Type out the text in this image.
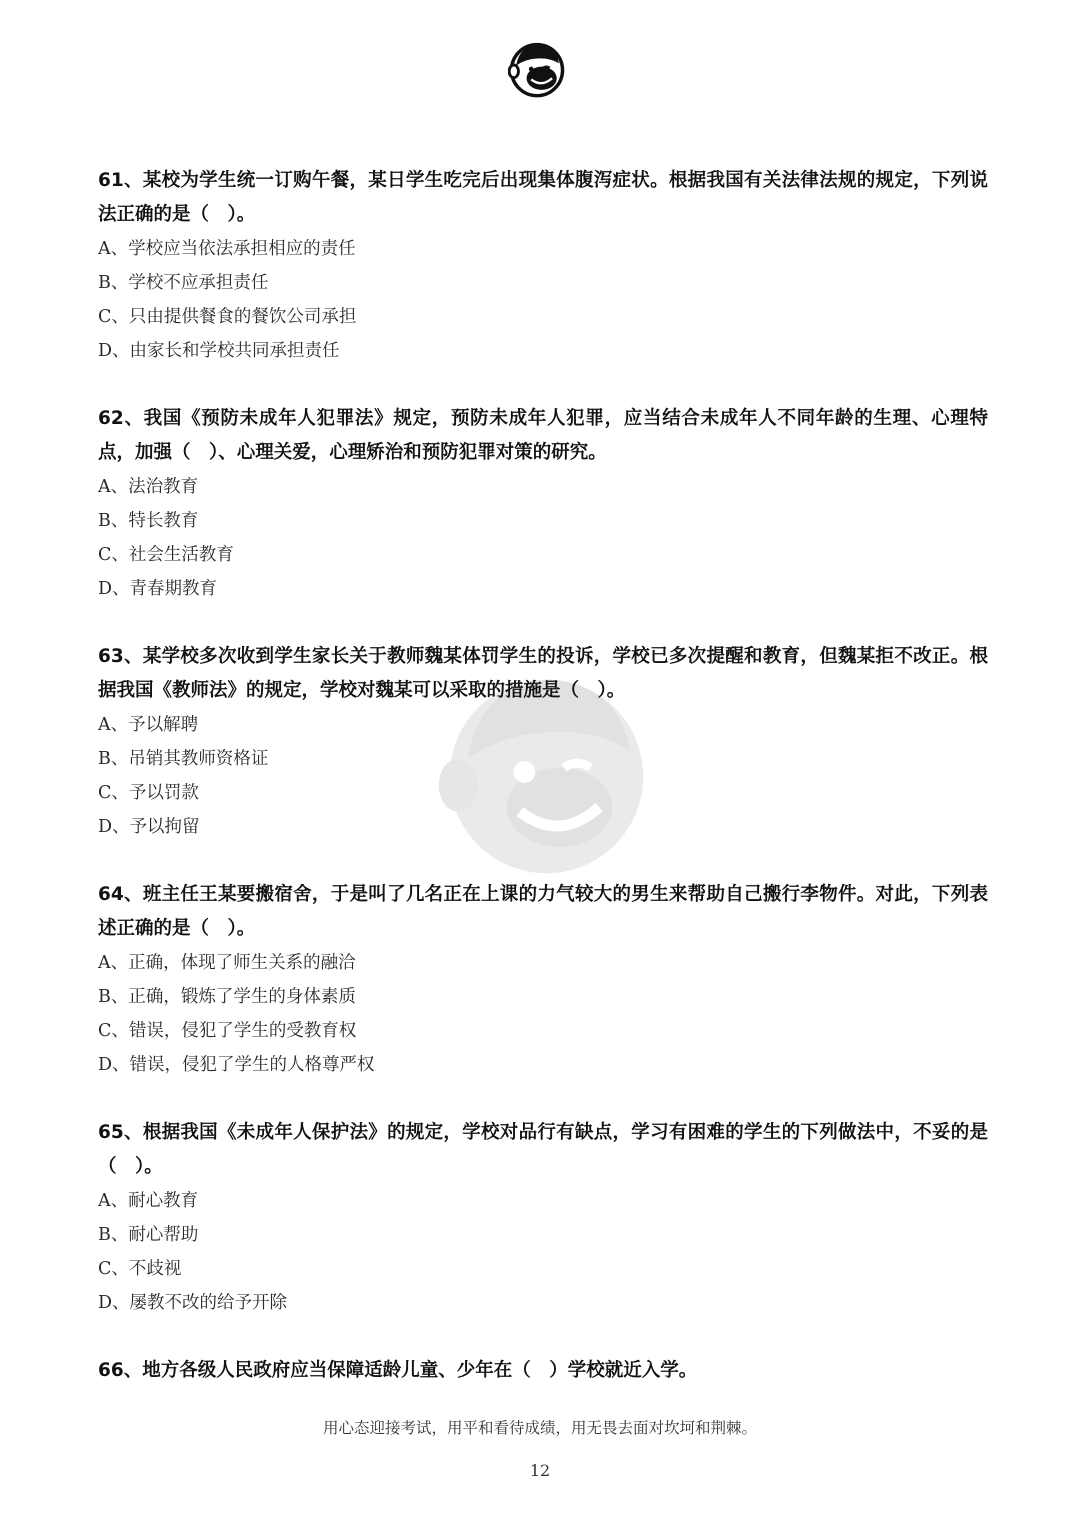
61、某校为学生统一订购午餐，某日学生吃完后出现集体腹泻症状。根据我国有关法律法规的规定，下列说法正确的是（　）。
A、学校应当依法承担相应的责任
B、学校不应承担责任
C、只由提供餐食的餐饮公司承担
D、由家长和学校共同承担责任
62、我国《预防未成年人犯罪法》规定，预防未成年人犯罪，应当结合未成年人不同年龄的生理、心理特点，加强（　）、心理关爱，心理矫治和预防犯罪对策的研究。
A、法治教育
B、特长教育
C、社会生活教育
D、青春期教育
63、某学校多次收到学生家长关于教师魏某体罚学生的投诉，学校已多次提醒和教育，但魏某拒不改正。根据我国《教师法》的规定，学校对魏某可以采取的措施是（　）。
A、予以解聘
B、吊销其教师资格证
C、予以罚款
D、予以拘留
64、班主任王某要搬宿舍，于是叫了几名正在上课的力气较大的男生来帮助自己搬行李物件。对此，下列表述正确的是（　）。
A、正确，体现了师生关系的融洽
B、正确，锻炼了学生的身体素质
C、错误，侵犯了学生的受教育权
D、错误，侵犯了学生的人格尊严权
65、根据我国《未成年人保护法》的规定，学校对品行有缺点，学习有困难的学生的下列做法中，不妥的是（　）。
A、耐心教育
B、耐心帮助
C、不歧视
D、屡教不改的给予开除
66、地方各级人民政府应当保障适龄儿童、少年在（　）学校就近入学。
用心态迎接考试，用平和看待成绩，用无畏去面对坎坷和荆棘。
12
